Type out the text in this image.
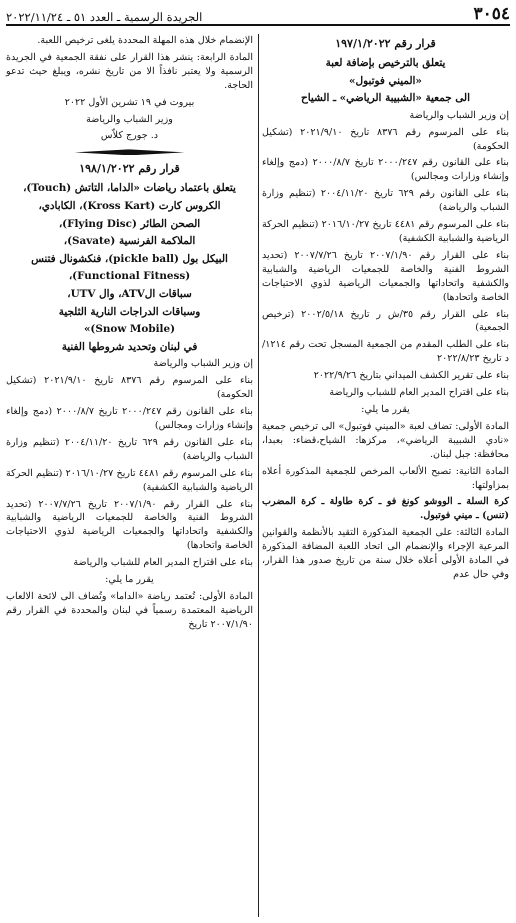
٣٠٥٤
الجريدة الرسمية ـ العدد ٥١ ـ ٢٠٢٢/١١/٢٤
قرار رقم ١٩٧/١/٢٠٢٢
يتعلق بالترخيص بإضافة لعبة
«الميني فوتبول»
الى جمعية «الشبيبة الرياضي» ـ الشياح

إن وزير الشباب والرياضة

بناء على المرسوم رقم ٨٣٧٦ تاريخ ٢٠٢١/٩/١٠ (تشكيل الحكومة)

بناء على القانون رقم ٢٠٠٠/٢٤٧ تاريخ ٢٠٠٠/٨/٧ (دمج وإلغاء وإنشاء وزارات ومجالس)

بناء على القانون رقم ٦٢٩ تاريخ ٢٠٠٤/١١/٢٠ (تنظيم وزارة الشباب والرياضة)

بناء على المرسوم رقم ٤٤٨١ تاريخ ٢٠١٦/١٠/٢٧ (تنظيم الحركة الرياضية والشبابية الكشفية)

بناء على القرار رقم ٢٠٠٧/١/٩٠ تاريخ ٢٠٠٧/٧/٢٦ (تحديد الشروط الفنية والخاصة للجمعيات الرياضية والشبابية والكشفية واتحاداتها والجمعيات الرياضية لذوي الاحتياجات الخاصة واتحادها)

بناء على القرار رقم ٣٥/ش ر تاريخ ٢٠٠٢/٥/١٨ (ترخيص الجمعية)

بناء على الطلب المقدم من الجمعية المسجل تحت رقم ١٢١٤/د تاريخ ٢٠٢٢/٨/٢٣

بناء على تقرير الكشف الميداني بتاريخ ٢٠٢٢/٩/٢٦

بناء على اقتراح المدير العام للشباب والرياضة

يقرر ما يلي:

المادة الأولى: تضاف لعبة «الميني فوتبول» الى ترخيص جمعية «نادي الشبيبة الرياضي»، مركزها: الشياح،قضاء: بعبدا، محافظة: جبل لبنان.

المادة الثانية: تصبح الألعاب المرخص للجمعية المذكورة أعلاه بمزاولتها:

كرة السلة ـ الووشو كونغ فو ـ كرة طاولة ـ كرة المضرب (تنس) ـ ميني فوتبول.

المادة الثالثة: على الجمعية المذكورة التقيد بالأنظمة والقوانين المرعية الإجراء والإنضمام الى اتحاد اللعبة المضافة المذكورة في المادة الأولى أعلاه خلال سنة من تاريخ صدور هذا القرار، وفي حال عدم

الإنضمام خلال هذه المهلة المحددة يلغى ترخيص اللعبة.

المادة الرابعة: ينشر هذا القرار على نفقة الجمعية في الجريدة الرسمية ولا يعتبر نافذاً الا من تاريخ نشره، ويبلغ حيث تدعو الحاجة.

بيروت في ١٩ تشرين الأول ٢٠٢٢

وزير الشباب والرياضة

د. جورج كلاّس

قرار رقم ١٩٨/١/٢٠٢٢
يتعلق باعتماد رياضات «الداما، التاتش (Touch)،
الكروس كارت (Kross Kart)، الكابادي،
الصحن الطائر (Flying Disc)،
الملاكمة الفرنسية (Savate)،
البيكل بول (pickle ball)، فنكشونال فتنس
(Functional Fitness)،
سباقات الATV، وال UTV،
وسباقات الدراجات النارية الثلجية
(Snow Mobile)»
في لبنان وتحديد شروطها الفنية

إن وزير الشباب والرياضة

بناء على المرسوم رقم ٨٣٧٦ تاريخ ٢٠٢١/٩/١٠ (تشكيل الحكومة)

بناء على القانون رقم ٢٠٠٠/٢٤٧ تاريخ ٢٠٠٠/٨/٧ (دمج وإلغاء وإنشاء وزارات ومجالس)

بناء على القانون رقم ٦٢٩ تاريخ ٢٠٠٤/١١/٢٠ (تنظيم وزارة الشباب والرياضة)

بناء على المرسوم رقم ٤٤٨١ تاريخ ٢٠١٦/١٠/٢٧ (تنظيم الحركة الرياضية والشبابية الكشفية)

بناء على القرار رقم ٢٠٠٧/١/٩٠ تاريخ ٢٠٠٧/٧/٢٦ (تحديد الشروط الفنية والخاصة للجمعيات الرياضية والشبابية والكشفية واتحاداتها والجمعيات الرياضية لذوي الاحتياجات الخاصة واتحادها)

بناء على اقتراح المدير العام للشباب والرياضة

يقرر ما يلي:

المادة الأولى: تُعتمد رياضة «الداما» وتُضاف الى لائحة الالعاب الرياضية المعتمدة رسمياً في لبنان والمحددة في القرار رقم ٢٠٠٧/١/٩٠ تاريخ
